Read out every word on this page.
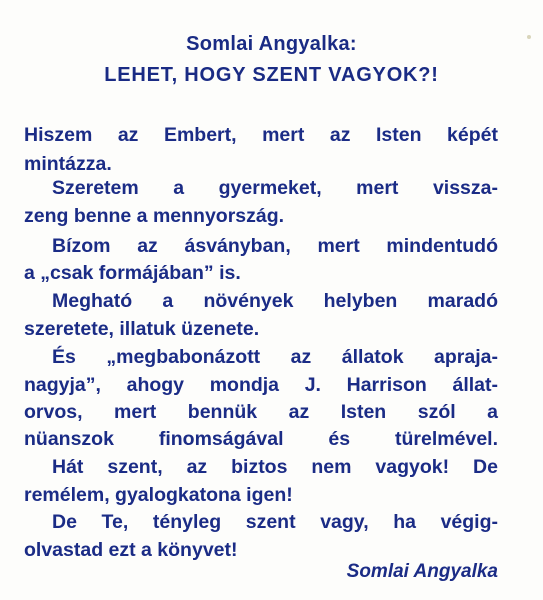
Somlai Angyalka:
LEHET, HOGY SZENT VAGYOK?!
Hiszem az Embert, mert az Isten képét
mintázza.
Szeretem a gyermeket, mert vissza-
zeng benne a mennyország.
Bízom az ásványban, mert mindentudó
a „csak formájában” is.
Megható a növények helyben maradó
szeretete, illatuk üzenete.
És „megbabonázott az állatok apraja-
nagyja”, ahogy mondja J. Harrison állat-
orvos, mert bennük az Isten szól a
nüanszok finomságával és türelmével.
Hát szent, az biztos nem vagyok! De
remélem, gyalogkatona igen!
De Te, tényleg szent vagy, ha végig-
olvastad ezt a könyvet!
Somlai Angyalka
